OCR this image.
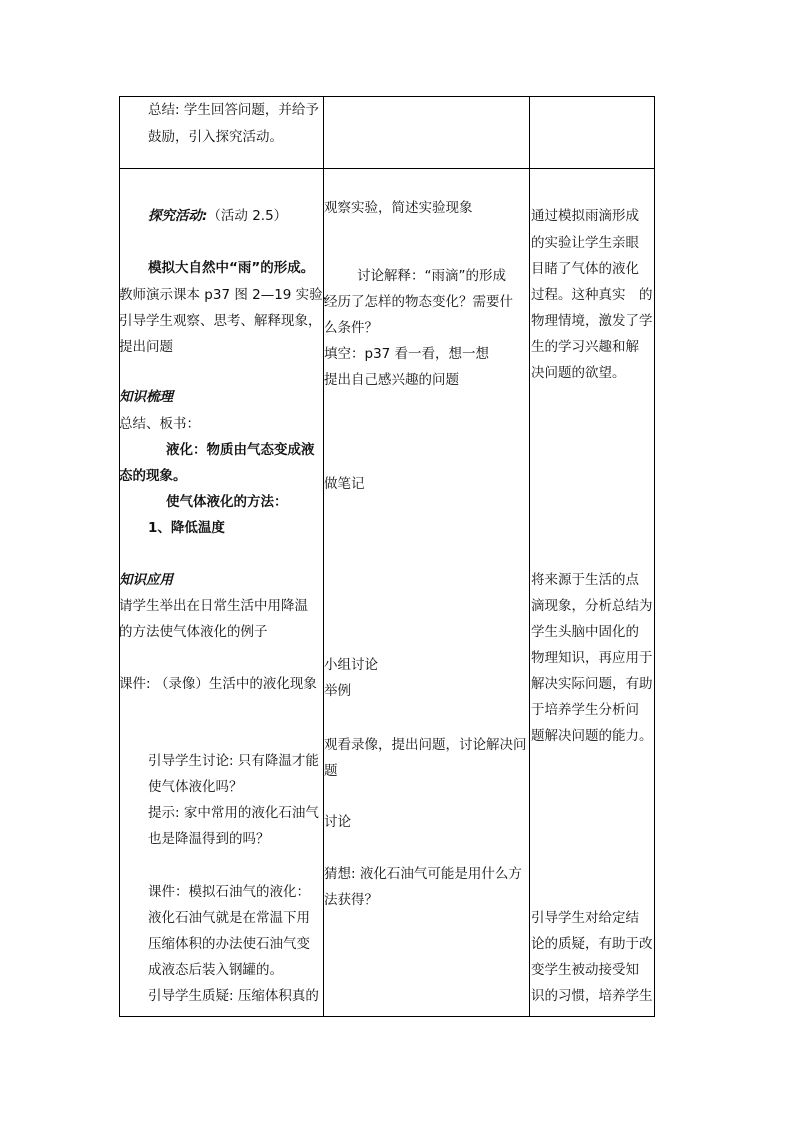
总结: 学生回答问题，并给予
鼓励，引入探究活动。
探究活动:（活动 2.5）
模拟大自然中“雨”的形成。
教师演示课本 p37 图 2—19 实验，
引导学生观察、思考、解释现象，
提出问题
知识梳理
总结、板书：
液化：物质由气态变成液
态的现象。
使气体液化的方法：
1、降低温度
知识应用
请学生举出在日常生活中用降温
的方法使气体液化的例子
课件: （录像）生活中的液化现象
引导学生讨论: 只有降温才能
使气体液化吗？
提示: 家中常用的液化石油气
也是降温得到的吗？
课件：模拟石油气的液化：
液化石油气就是在常温下用
压缩体积的办法使石油气变
成液态后装入钢罐的。
引导学生质疑: 压缩体积真的
观察实验，简述实验现象
讨论解释：“雨滴”的形成
经历了怎样的物态变化？需要什
么条件？
填空：p37 看一看，想一想
提出自己感兴趣的问题
做笔记
小组讨论
举例
观看录像，提出问题，讨论解决问
题
讨论
猜想: 液化石油气可能是用什么方
法获得？
通过模拟雨滴形成
的实验让学生亲眼
目睹了气体的液化
过程。这种真实　的
物理情境，激发了学
生的学习兴趣和解
决问题的欲望。
将来源于生活的点
滴现象，分析总结为
学生头脑中固化的
物理知识，再应用于
解决实际问题，有助
于培养学生分析问
题解决问题的能力。
引导学生对给定结
论的质疑，有助于改
变学生被动接受知
识的习惯，培养学生
